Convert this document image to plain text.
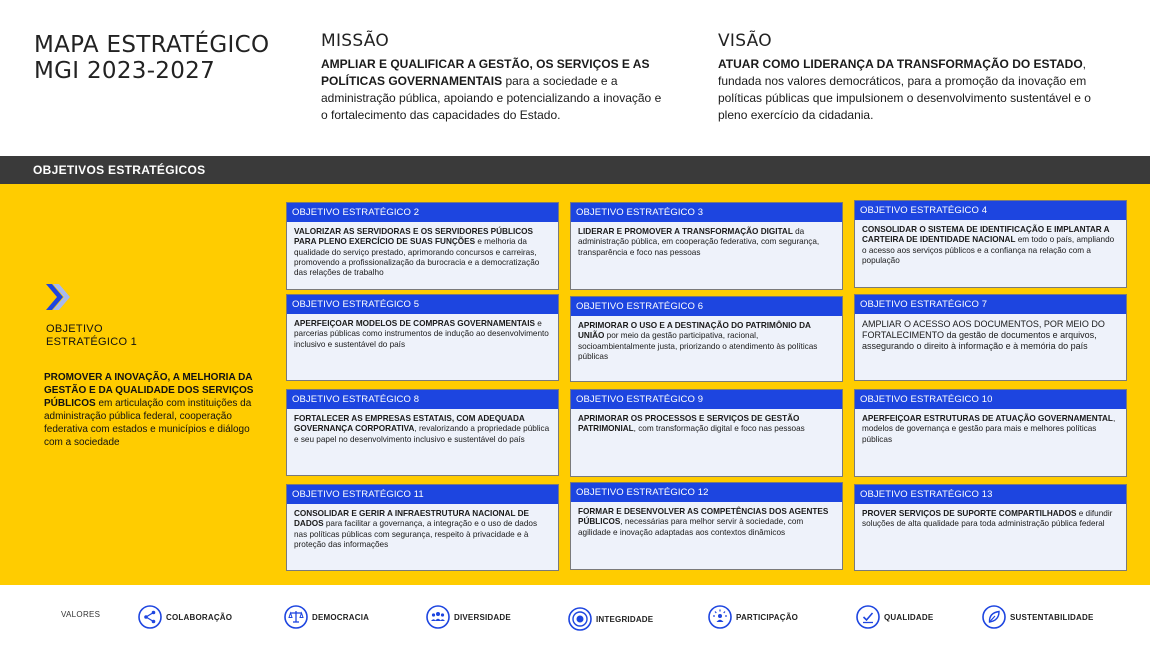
MAPA ESTRATÉGICO
MGI 2023-2027
MISSÃO
AMPLIAR E QUALIFICAR A GESTÃO, OS SERVIÇOS E AS POLÍTICAS GOVERNAMENTAIS para a sociedade e a administração pública, apoiando e potencializando a inovação e o fortalecimento das capacidades do Estado.
VISÃO
ATUAR COMO LIDERANÇA DA TRANSFORMAÇÃO DO ESTADO, fundada nos valores democráticos, para a promoção da inovação em políticas públicas que impulsionem o desenvolvimento sustentável e o pleno exercício da cidadania.
OBJETIVOS ESTRATÉGICOS
OBJETIVO
ESTRATÉGICO 1
PROMOVER A INOVAÇÃO, A MELHORIA DA GESTÃO E DA QUALIDADE DOS SERVIÇOS PÚBLICOS em articulação com instituições da administração pública federal, cooperação federativa com estados e municípios e diálogo com a sociedade
OBJETIVO ESTRATÉGICO 2
VALORIZAR AS SERVIDORAS E OS SERVIDORES PÚBLICOS PARA PLENO EXERCÍCIO DE SUAS FUNÇÕES e melhoria da qualidade do serviço prestado, aprimorando concursos e carreiras, promovendo a profissionalização da burocracia e a democratização das relações de trabalho
OBJETIVO ESTRATÉGICO 3
LIDERAR E PROMOVER A TRANSFORMAÇÃO DIGITAL da administração pública, em cooperação federativa, com segurança, transparência e foco nas pessoas
OBJETIVO ESTRATÉGICO 4
CONSOLIDAR O SISTEMA DE IDENTIFICAÇÃO E IMPLANTAR A CARTEIRA DE IDENTIDADE NACIONAL em todo o país, ampliando o acesso aos serviços públicos e a confiança na relação com a população
OBJETIVO ESTRATÉGICO 5
APERFEIÇOAR MODELOS DE COMPRAS GOVERNAMENTAIS e parcerias públicas como instrumentos de indução ao desenvolvimento inclusivo e sustentável do país
OBJETIVO ESTRATÉGICO 6
APRIMORAR O USO E A DESTINAÇÃO DO PATRIMÔNIO DA UNIÃO por meio da gestão participativa, racional, socioambientalmente justa, priorizando o atendimento às políticas públicas
OBJETIVO ESTRATÉGICO 7
AMPLIAR O ACESSO AOS DOCUMENTOS, POR MEIO DO FORTALECIMENTO da gestão de documentos e arquivos, assegurando o direito à informação e à memória do país
OBJETIVO ESTRATÉGICO 8
FORTALECER AS EMPRESAS ESTATAIS, COM ADEQUADA GOVERNANÇA CORPORATIVA, revalorizando a propriedade pública e seu papel no desenvolvimento inclusivo e sustentável do país
OBJETIVO ESTRATÉGICO 9
APRIMORAR OS PROCESSOS E SERVIÇOS DE GESTÃO PATRIMONIAL, com transformação digital e foco nas pessoas
OBJETIVO ESTRATÉGICO 10
APERFEIÇOAR ESTRUTURAS DE ATUAÇÃO GOVERNAMENTAL, modelos de governança e gestão para mais e melhores políticas públicas
OBJETIVO ESTRATÉGICO 11
CONSOLIDAR E GERIR A INFRAESTRUTURA NACIONAL DE DADOS para facilitar a governança, a integração e o uso de dados nas políticas públicas com segurança, respeito à privacidade e à proteção das informações
OBJETIVO ESTRATÉGICO 12
FORMAR E DESENVOLVER AS COMPETÊNCIAS DOS AGENTES PÚBLICOS, necessárias para melhor servir à sociedade, com agilidade e inovação adaptadas aos contextos dinâmicos
OBJETIVO ESTRATÉGICO 13
PROVER SERVIÇOS DE SUPORTE COMPARTILHADOS e difundir soluções de alta qualidade para toda administração pública federal
VALORES	COLABORAÇÃO	DEMOCRACIA	DIVERSIDADE	INTEGRIDADE	PARTICIPAÇÃO	QUALIDADE	SUSTENTABILIDADE
